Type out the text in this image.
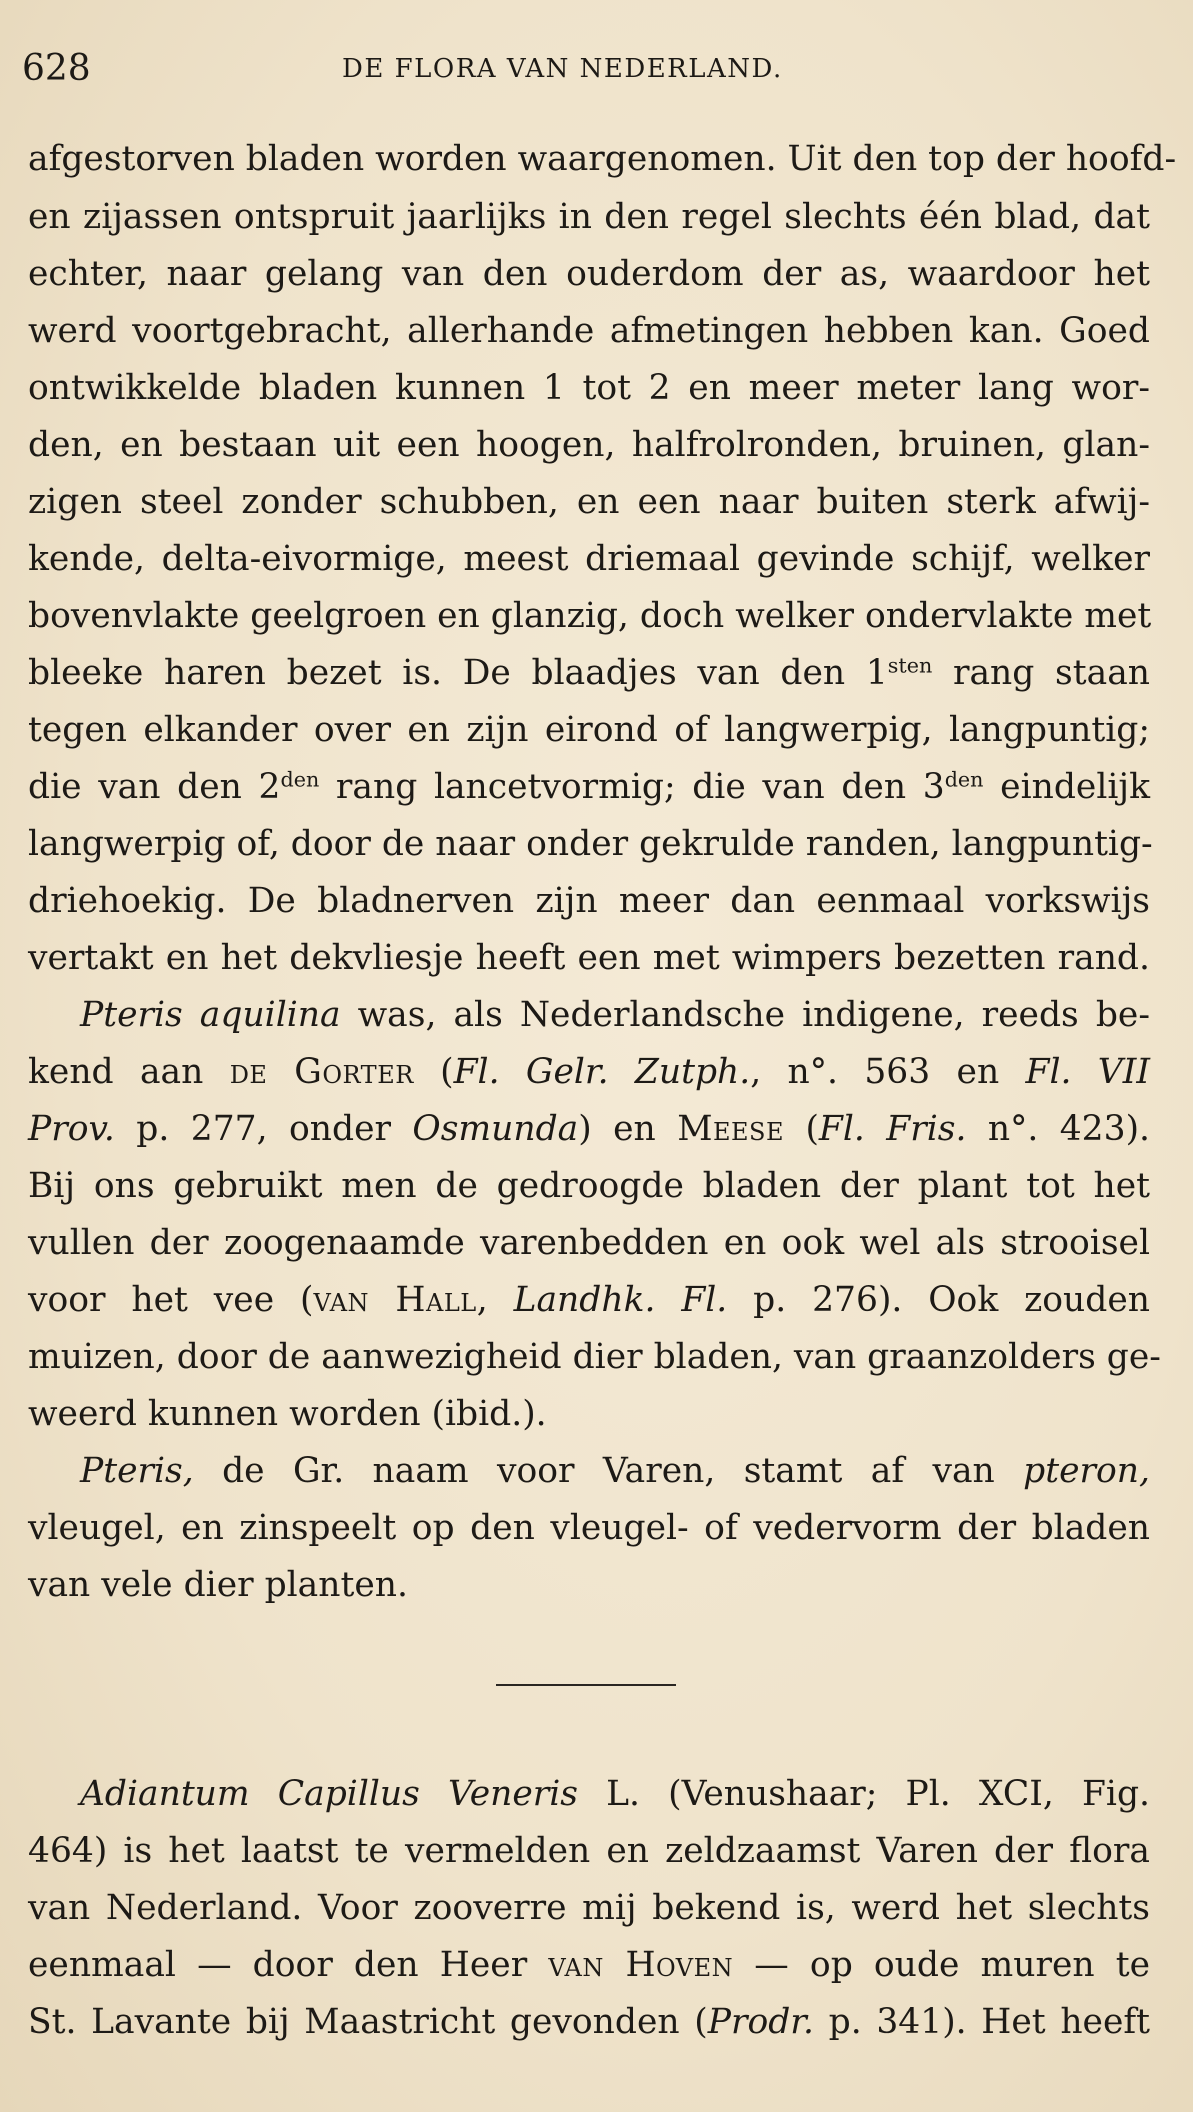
628	DE FLORA VAN NEDERLAND.
afgestorven bladen worden waargenomen. Uit den top der hoofd-
en zijassen ontspruit jaarlijks in den regel slechts één blad, dat
echter, naar gelang van den ouderdom der as, waardoor het
werd voortgebracht, allerhande afmetingen hebben kan. Goed
ontwikkelde bladen kunnen 1 tot 2 en meer meter lang wor-
den, en bestaan uit een hoogen, halfrolronden, bruinen, glan-
zigen steel zonder schubben, en een naar buiten sterk afwij-
kende, delta-eivormige, meest driemaal gevinde schijf, welker
bovenvlakte geelgroen en glanzig, doch welker ondervlakte met
bleeke haren bezet is. De blaadjes van den $1^{sten}$ rang staan
tegen elkander over en zijn eirond of langwerpig, langpuntig;
die van den $2^{den}$ rang lancetvormig; die van den $3^{den}$ eindelijk
langwerpig of, door de naar onder gekrulde randen, langpuntig-
driehoekig. De bladnerven zijn meer dan eenmaal vorkswijs
vertakt en het dekvliesje heeft een met wimpers bezetten rand.
Pteris aquilina was, als Nederlandsche indigene, reeds be-
kend aan de Gorter (Fl. Gelr. Zutph., n°. 563 en Fl. VII
Prov. p. 277, onder Osmunda) en Meese (Fl. Fris. n°. 423).
Bij ons gebruikt men de gedroogde bladen der plant tot het
vullen der zoogenaamde varenbedden en ook wel als strooisel
voor het vee (van Hall, Landhk. Fl. p. 276). Ook zouden
muizen, door de aanwezigheid dier bladen, van graanzolders ge-
weerd kunnen worden (ibid.).
Pteris, de Gr. naam voor Varen, stamt af van pteron,
vleugel, en zinspeelt op den vleugel- of vedervorm der bladen
van vele dier planten.
Adiantum Capillus Veneris L. (Venushaar; Pl. XCI, Fig.
464) is het laatst te vermelden en zeldzaamst Varen der flora
van Nederland. Voor zooverre mij bekend is, werd het slechts
eenmaal — door den Heer van Hoven — op oude muren te
St. Lavante bij Maastricht gevonden (Prodr. p. 341). Het heeft
